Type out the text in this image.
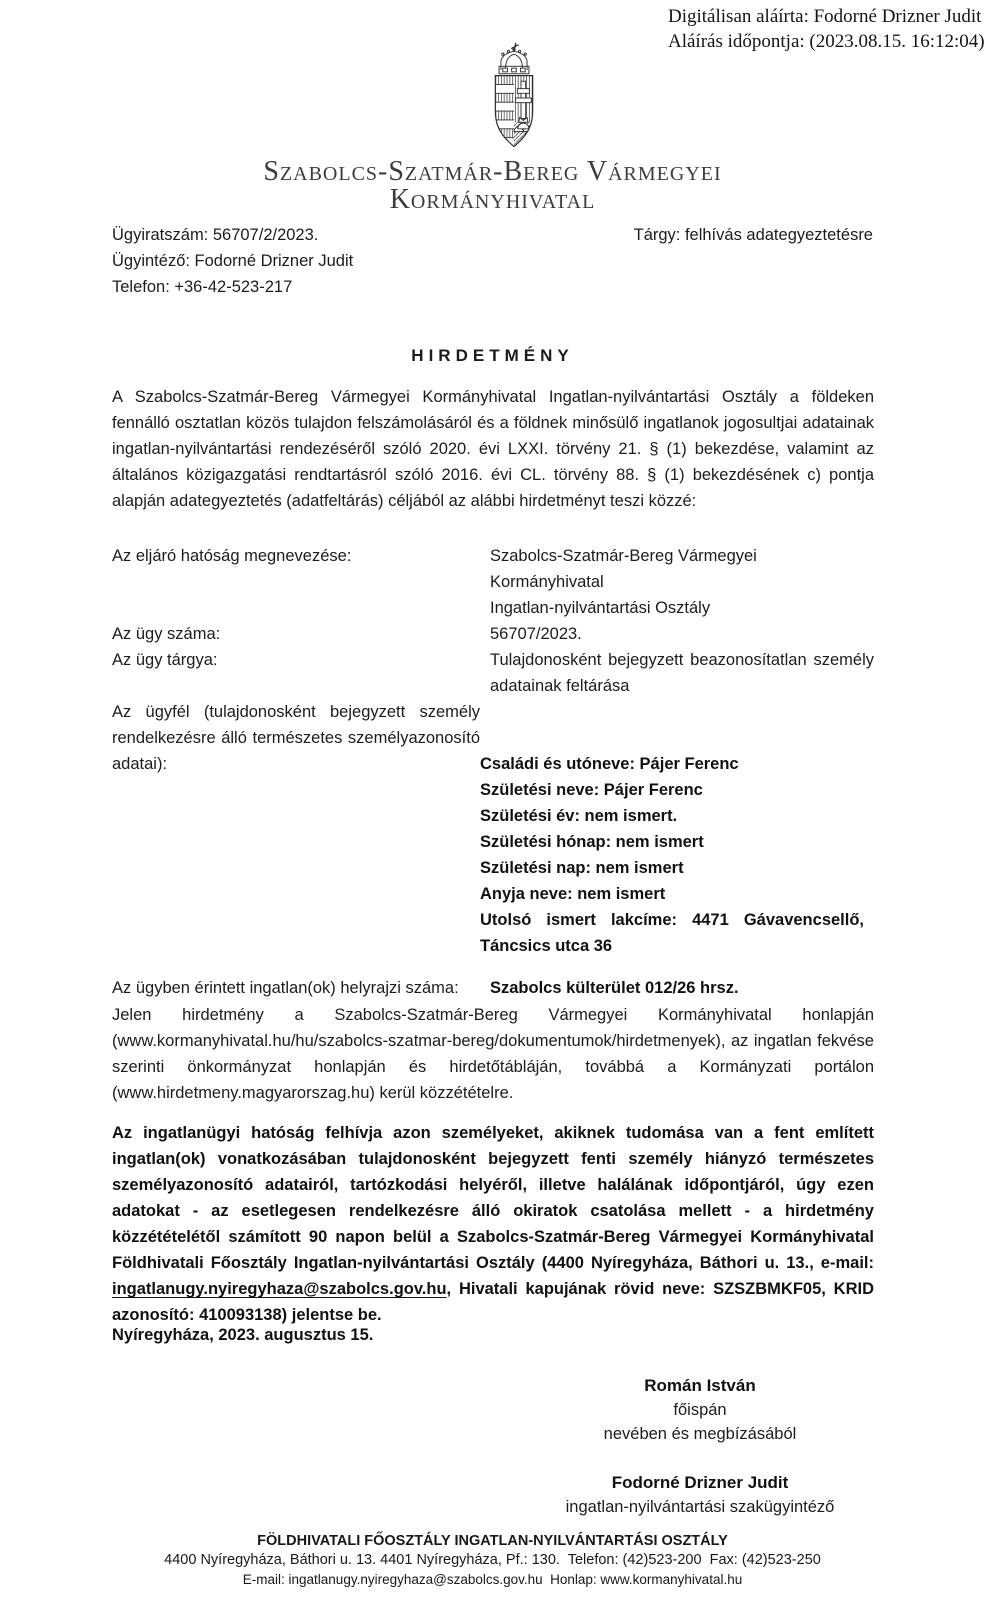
Digitálisan aláírta: Fodorné Drizner Judit
Aláírás időpontja: (2023.08.15. 16:12:04)
Szabolcs-Szatmár-Bereg Vármegyei
Kormányhivatal
Ügyiratszám: 56707/2/2023.
Ügyintéző: Fodorné Drizner Judit
Telefon: +36-42-523-217
Tárgy: felhívás adategyeztetésre
HIRDETMÉNY
A Szabolcs-Szatmár-Bereg Vármegyei Kormányhivatal Ingatlan-nyilvántartási Osztály a földeken fennálló osztatlan közös tulajdon felszámolásáról és a földnek minősülő ingatlanok jogosultjai adatainak ingatlan-nyilvántartási rendezéséről szóló 2020. évi LXXI. törvény 21. § (1) bekezdése, valamint az általános közigazgatási rendtartásról szóló 2016. évi CL. törvény 88. § (1) bekezdésének c) pontja alapján adategyeztetés (adatfeltárás) céljából az alábbi hirdetményt teszi közzé:
Az eljáró hatóság megnevezése:	Szabolcs-Szatmár-Bereg Vármegyei Kormányhivatal
Ingatlan-nyilvántartási Osztály
Az ügy száma:	56707/2023.
Az ügy tárgya:	Tulajdonosként bejegyzett beazonosítatlan személy adatainak feltárása
Az ügyfél (tulajdonosként bejegyzett személy rendelkezésre álló természetes személyazonosító adatai):	Családi és utóneve: Pájer Ferenc
Születési neve: Pájer Ferenc
Születési év: nem ismert.
Születési hónap: nem ismert
Születési nap: nem ismert
Anyja neve: nem ismert
Utolsó ismert lakcíme: 4471 Gávavencsellő,
Táncsics utca 36
Az ügyben érintett ingatlan(ok) helyrajzi száma:	Szabolcs külterület 012/26 hrsz.
Jelen hirdetmény a Szabolcs-Szatmár-Bereg Vármegyei Kormányhivatal honlapján (www.kormanyhivatal.hu/hu/szabolcs-szatmar-bereg/dokumentumok/hirdetmenyek), az ingatlan fekvése szerinti önkormányzat honlapján és hirdetőtábláján, továbbá a Kormányzati portálon (www.hirdetmeny.magyarorszag.hu) kerül közzétételre.
Az ingatlanügyi hatóság felhívja azon személyeket, akiknek tudomása van a fent említett ingatlan(ok) vonatkozásában tulajdonosként bejegyzett fenti személy hiányzó természetes személyazonosító adatairól, tartózkodási helyéről, illetve halálának időpontjáról, úgy ezen adatokat - az esetlegesen rendelkezésre álló okiratok csatolása mellett - a hirdetmény közzétételétől számított 90 napon belül a Szabolcs-Szatmár-Bereg Vármegyei Kormányhivatal Földhivatali Főosztály Ingatlan-nyilvántartási Osztály (4400 Nyíregyháza, Báthori u. 13., e-mail: ingatlanugy.nyiregyhaza@szabolcs.gov.hu, Hivatali kapujának rövid neve: SZSZBMKF05, KRID azonosító: 410093138) jelentse be.
Nyíregyháza, 2023. augusztus 15.
Román István
főispán
nevében és megbízásából
Fodorné Drizner Judit
ingatlan-nyilvántartási szakügyintéző
FÖLDHIVATALI FŐOSZTÁLY INGATLAN-NYILVÁNTARTÁSI OSZTÁLY
4400 Nyíregyháza, Báthori u. 13. 4401 Nyíregyháza, Pf.: 130.  Telefon: (42)523-200  Fax: (42)523-250
E-mail: ingatlanugy.nyiregyhaza@szabolcs.gov.hu  Honlap: www.kormanyhivatal.hu
